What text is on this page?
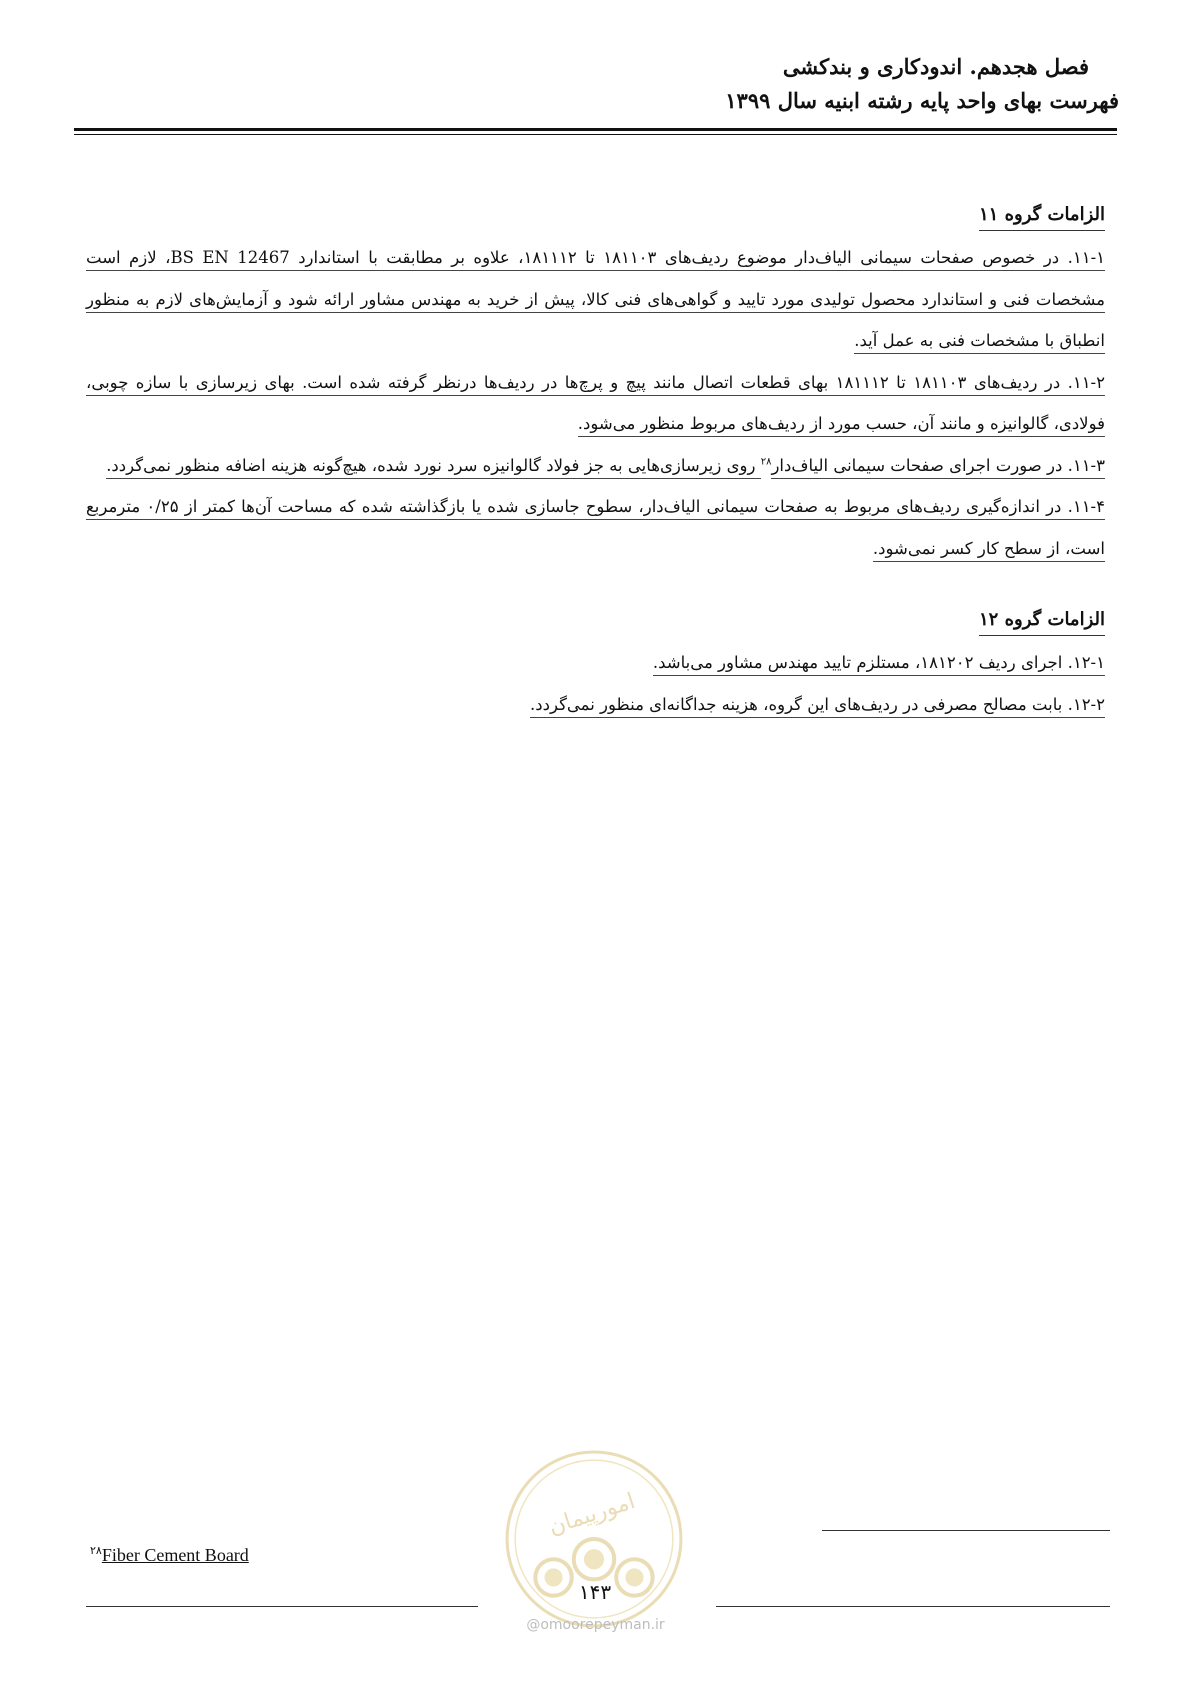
فصل هجدهم. اندودکاری و بندکشی
فهرست بهای واحد پایه رشته ابنیه سال ۱۳۹۹
الزامات گروه ۱۱
۱۱-۱. در خصوص صفحات سیمانی الیاف‌دار موضوع ردیف‌های ۱۸۱۱۰۳ تا ۱۸۱۱۱۲، علاوه بر مطابقت با استاندارد BS EN 12467، لازم است مشخصات فنی و استاندارد محصول تولیدی مورد تایید و گواهی‌های فنی کالا، پیش از خرید به مهندس مشاور ارائه شود و آزمایش‌های لازم به منظور انطباق با مشخصات فنی به عمل آید.
۱۱-۲. در ردیف‌های ۱۸۱۱۰۳ تا ۱۸۱۱۱۲ بهای قطعات اتصال مانند پیچ و پرچ‌ها در ردیف‌ها درنظر گرفته شده است. بهای زیرسازی با سازه چوبی، فولادی، گالوانیزه و مانند آن، حسب مورد از ردیف‌های مربوط منظور می‌شود.
۱۱-۳. در صورت اجرای صفحات سیمانی الیاف‌دار$^{۲۸}$ روی زیرسازی‌هایی به جز فولاد گالوانیزه سرد نورد شده، هیچ‌گونه هزینه اضافه منظور نمی‌گردد.
۱۱-۴. در اندازه‌گیری ردیف‌های مربوط به صفحات سیمانی الیاف‌دار، سطوح جاسازی شده یا بازگذاشته شده که مساحت آن‌ها کمتر از ۰/۲۵ مترمربع است، از سطح کار کسر نمی‌شود.
الزامات گروه ۱۲
۱۲-۱. اجرای ردیف ۱۸۱۲۰۲، مستلزم تایید مهندس مشاور می‌باشد.
۱۲-۲. بابت مصالح مصرفی در ردیف‌های این گروه، هزینه جداگانه‌ای منظور نمی‌گردد.
امورپیمان
$^{۲۸}$Fiber Cement Board
۱۴۳
@omoorepeyman.ir
